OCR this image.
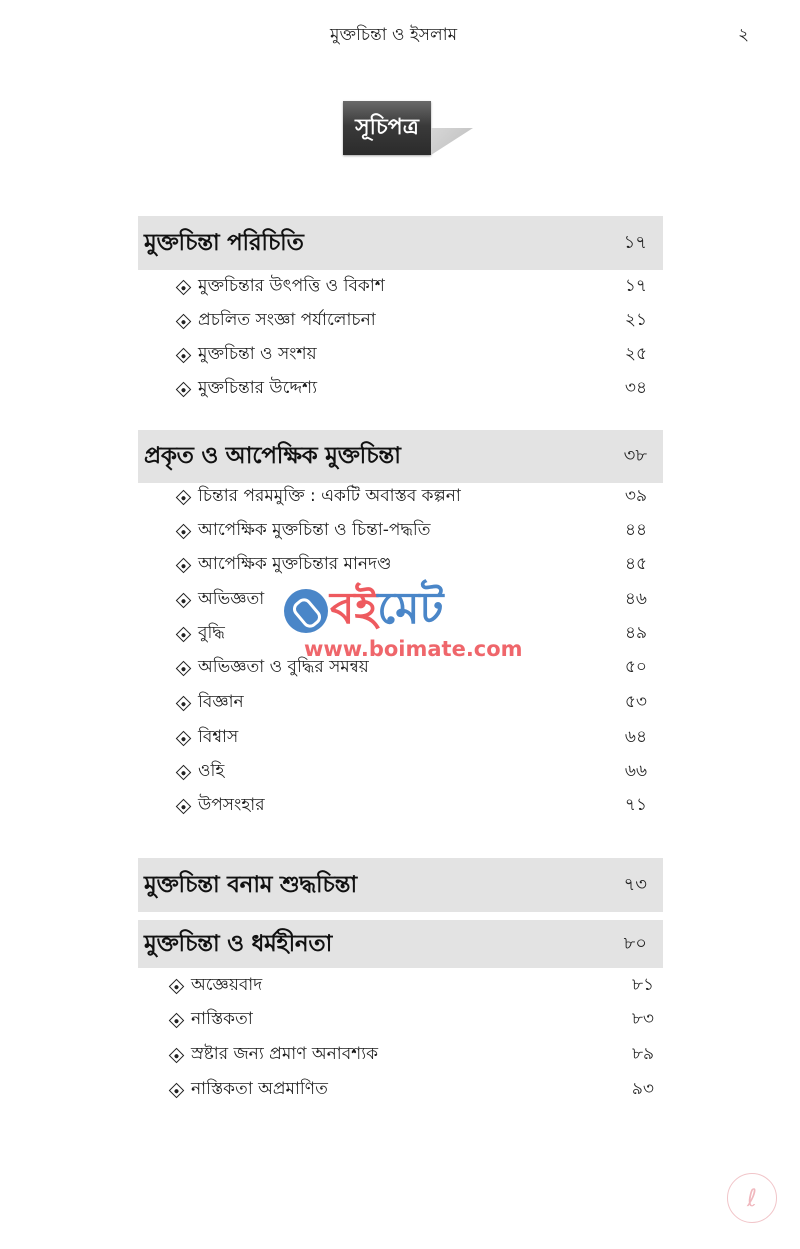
মুক্তচিন্তা ও ইসলাম	২
সূচিপত্র
মুক্তচিন্তা পরিচিতি	১৭
মুক্তচিন্তার উৎপত্তি ও বিকাশ	১৭
প্রচলিত সংজ্ঞা পর্যালোচনা	২১
মুক্তচিন্তা ও সংশয়	২৫
মুক্তচিন্তার উদ্দেশ্য	৩৪
প্রকৃত ও আপেক্ষিক মুক্তচিন্তা	৩৮
চিন্তার পরমমুক্তি : একটি অবাস্তব কল্পনা	৩৯
আপেক্ষিক মুক্তচিন্তা ও চিন্তা-পদ্ধতি	৪৪
আপেক্ষিক মুক্তচিন্তার মানদণ্ড	৪৫
অভিজ্ঞতা	৪৬
বুদ্ধি	৪৯
অভিজ্ঞতা ও বুদ্ধির সমন্বয়	৫০
বিজ্ঞান	৫৩
বিশ্বাস	৬৪
ওহি	৬৬
উপসংহার	৭১
মুক্তচিন্তা বনাম শুদ্ধচিন্তা	৭৩
মুক্তচিন্তা ও ধর্মহীনতা	৮০
অজ্ঞেয়বাদ	৮১
নাস্তিকতা	৮৩
স্রষ্টার জন্য প্রমাণ অনাবশ্যক	৮৯
নাস্তিকতা অপ্রমাণিত	৯৩
বইমেট
www.boimate.com
ℓ
